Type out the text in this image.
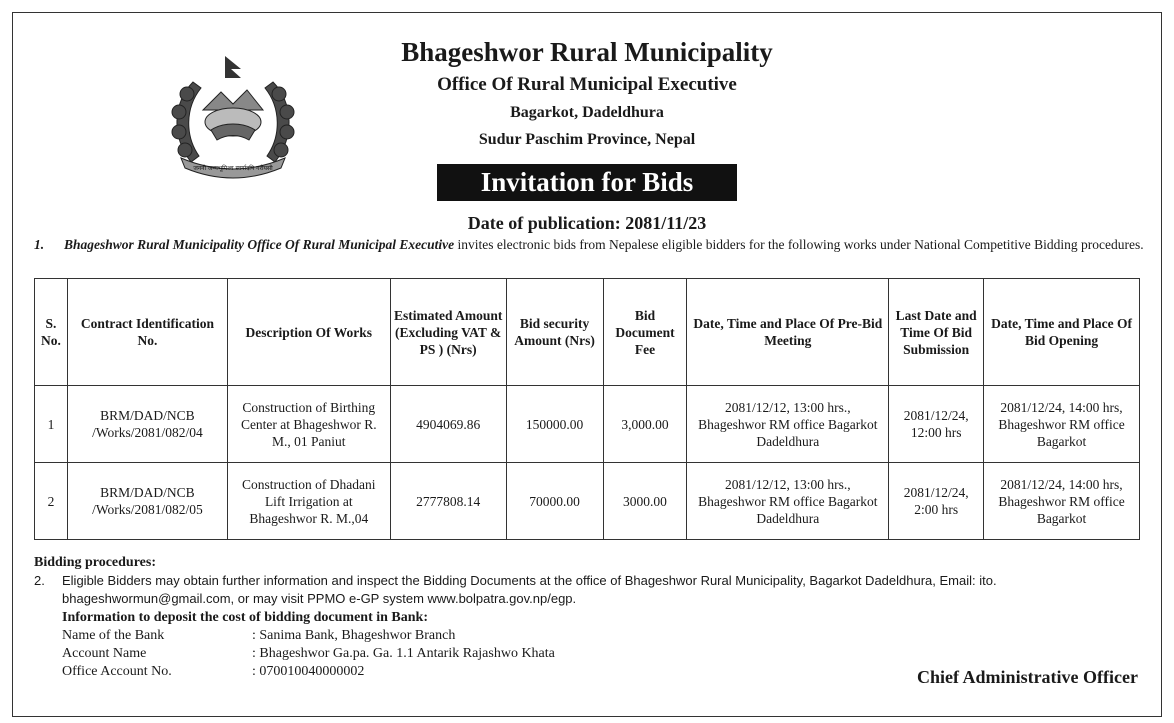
जननी जन्मभूमिश्च स्वर्गादपि गरीयसी
Bhageshwor Rural Municipality
Office Of Rural Municipal Executive
Bagarkot, Dadeldhura
Sudur Paschim Province, Nepal
Invitation for Bids
Date of publication: 2081/11/23
1. Bhageshwor Rural Municipality Office Of Rural Municipal Executive invites electronic bids from Nepalese eligible bidders for the following works under National Competitive Bidding procedures.
S. No.	Contract Identification No.	Description Of Works	Estimated Amount (Excluding VAT & PS ) (Nrs)	Bid security Amount (Nrs)	Bid Document Fee	Date, Time and Place Of Pre-Bid Meeting	Last Date and Time Of Bid Submission	Date, Time and Place Of Bid Opening
1	BRM/DAD/NCB /Works/2081/082/04	Construction of Birthing Center at Bhageshwor R. M., 01 Paniut	4904069.86	150000.00	3,000.00	2081/12/12, 13:00 hrs., Bhageshwor RM office Bagarkot Dadeldhura	2081/12/24, 12:00 hrs	2081/12/24, 14:00 hrs, Bhageshwor RM office Bagarkot
2	BRM/DAD/NCB /Works/2081/082/05	Construction of Dhadani Lift Irrigation at Bhageshwor R. M.,04	2777808.14	70000.00	3000.00	2081/12/12, 13:00 hrs., Bhageshwor RM office Bagarkot Dadeldhura	2081/12/24, 2:00 hrs	2081/12/24, 14:00 hrs, Bhageshwor RM office Bagarkot
Bidding procedures:
2. Eligible Bidders may obtain further information and inspect the Bidding Documents at the office of Bhageshwor Rural Municipality, Bagarkot Dadeldhura, Email: ito. bhageshwormun@gmail.com, or may visit PPMO e-GP system www.bolpatra.gov.np/egp.
Information to deposit the cost of bidding document in Bank:
Name of the Bank	: Sanima Bank, Bhageshwor Branch
Account Name	: Bhageshwor Ga.pa. Ga. 1.1 Antarik Rajashwo Khata
Office Account No.	: 070010040000002	Chief Administrative Officer
